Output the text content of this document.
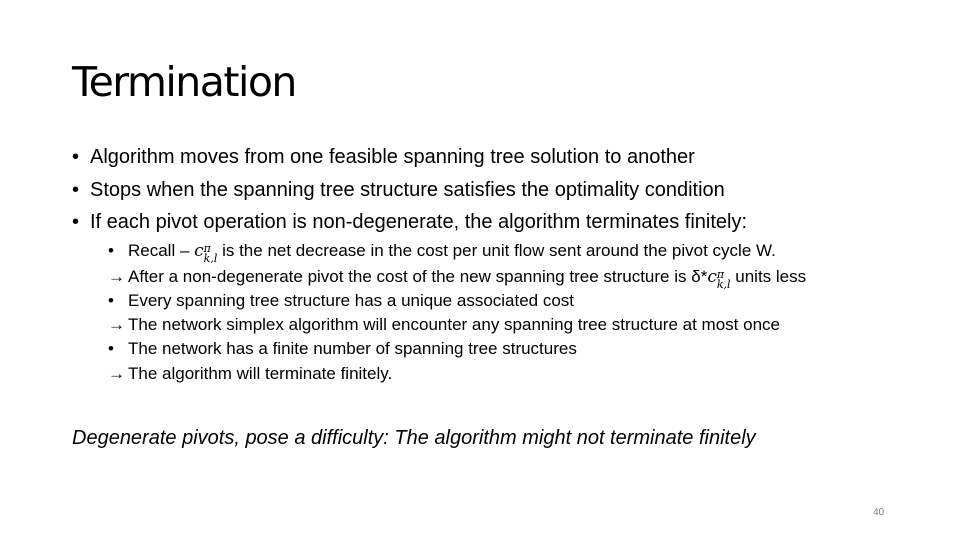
Termination
• Algorithm moves from one feasible spanning tree solution to another
• Stops when the spanning tree structure satisfies the optimality condition
• If each pivot operation is non-degenerate, the algorithm terminates finitely:
• Recall – c π
k,l is the net decrease in the cost per unit flow sent around the pivot cycle W.
→ After a non-degenerate pivot the cost of the new spanning tree structure is δ*c π
k,l units less
• Every spanning tree structure has a unique associated cost
→ The network simplex algorithm will encounter any spanning tree structure at most once
• The network has a finite number of spanning tree structures
→ The algorithm will terminate finitely.
Degenerate pivots, pose a difficulty: The algorithm might not terminate finitely
40
